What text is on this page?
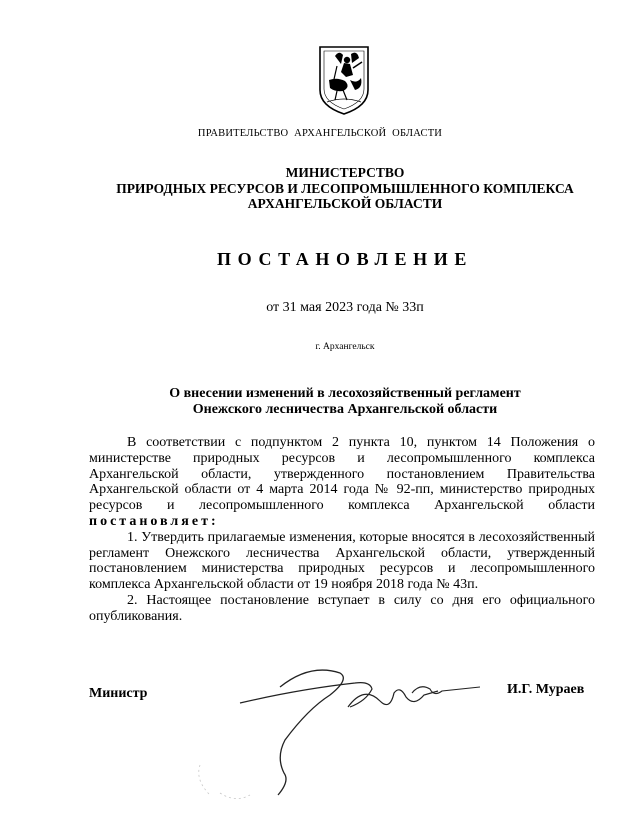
ПРАВИТЕЛЬСТВО АРХАНГЕЛЬСКОЙ ОБЛАСТИ
МИНИСТЕРСТВО
ПРИРОДНЫХ РЕСУРСОВ И ЛЕСОПРОМЫШЛЕННОГО КОМПЛЕКСА
АРХАНГЕЛЬСКОЙ ОБЛАСТИ
ПОСТАНОВЛЕНИЕ
от 31 мая 2023 года № 33п
г. Архангельск
О внесении изменений в лесохозяйственный регламент
Онежского лесничества Архангельской области

В соответствии с подпунктом 2 пункта 10, пунктом 14 Положения о министерстве природных ресурсов и лесопромышленного комплекса Архангельской области, утвержденного постановлением Правительства Архангельской области от 4 марта 2014 года № 92-пп, министерство природных ресурсов и лесопромышленного комплекса Архангельской области постановляет:

1. Утвердить прилагаемые изменения, которые вносятся в лесохозяйственный регламент Онежского лесничества Архангельской области, утвержденный постановлением министерства природных ресурсов и лесопромышленного комплекса Архангельской области от 19 ноября 2018 года № 43п.

2. Настоящее постановление вступает в силу со дня его официального опубликования.

Министр	И.Г. Мураев
